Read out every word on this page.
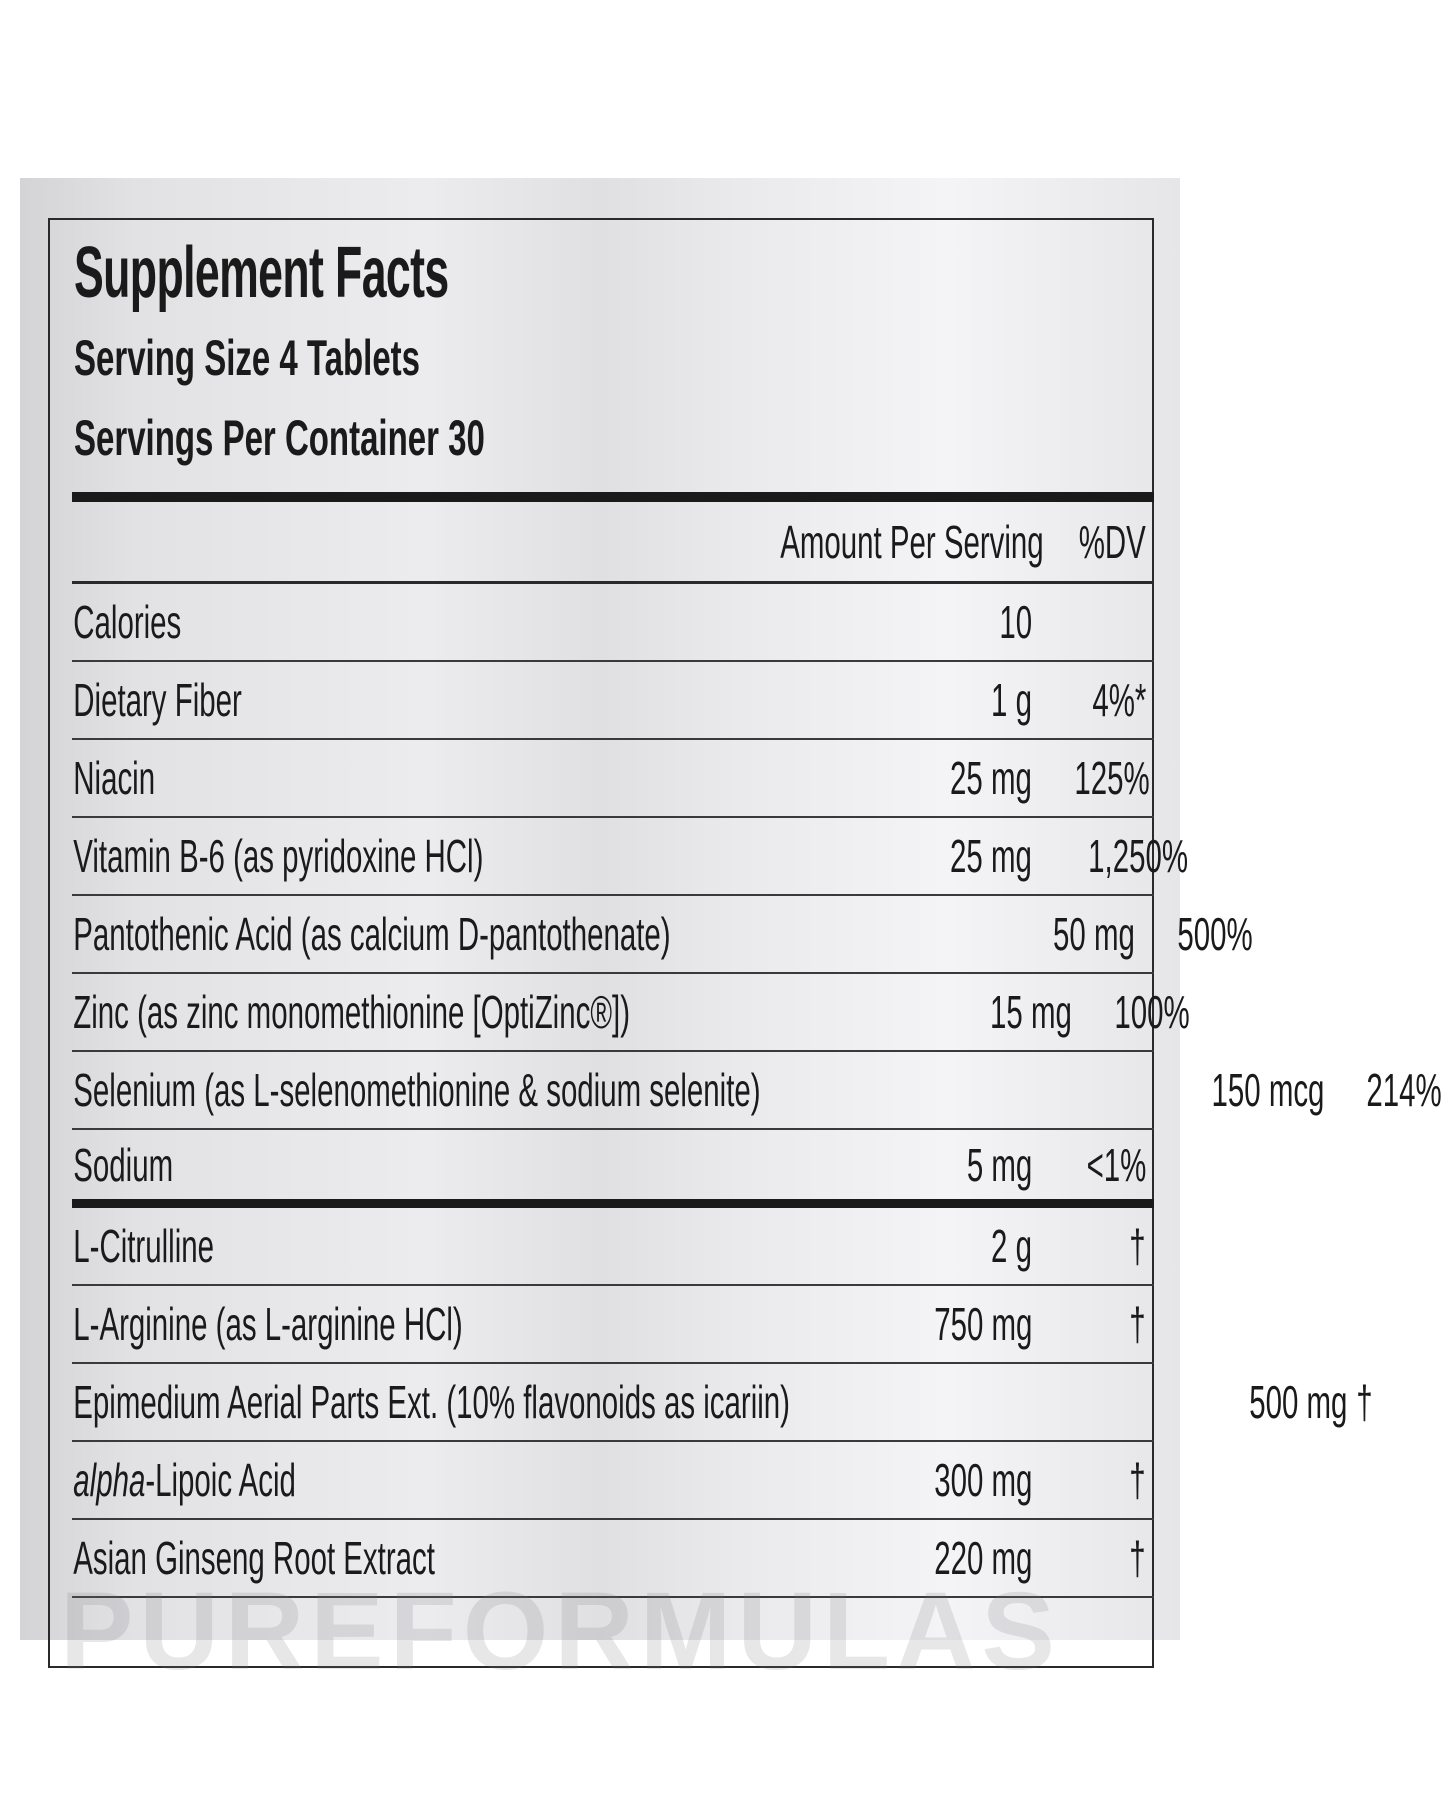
Supplement Facts
Serving Size 4 Tablets
Servings Per Container 30
Amount Per Serving %DV
Calories	10
Dietary Fiber	1 g	4%*
Niacin	25 mg 125%
Vitamin B-6 (as pyridoxine HCl)	25 mg	1,250%
Pantothenic Acid (as calcium D-pantothenate)	50 mg 500%
Zinc (as zinc monomethionine [OptiZinc®])	15 mg 100%
Selenium (as L-selenomethionine & sodium selenite)	150 mcg 214%
Sodium	5 mg	<1%
L-Citrulline	2 g	†
L-Arginine (as L-arginine HCl)	750 mg	†
Epimedium Aerial Parts Ext. (10% flavonoids as icariin)	500 mg †
alpha-Lipoic Acid	300 mg	†
Asian Ginseng Root Extract	220 mg	†
PUREFORMULAS
